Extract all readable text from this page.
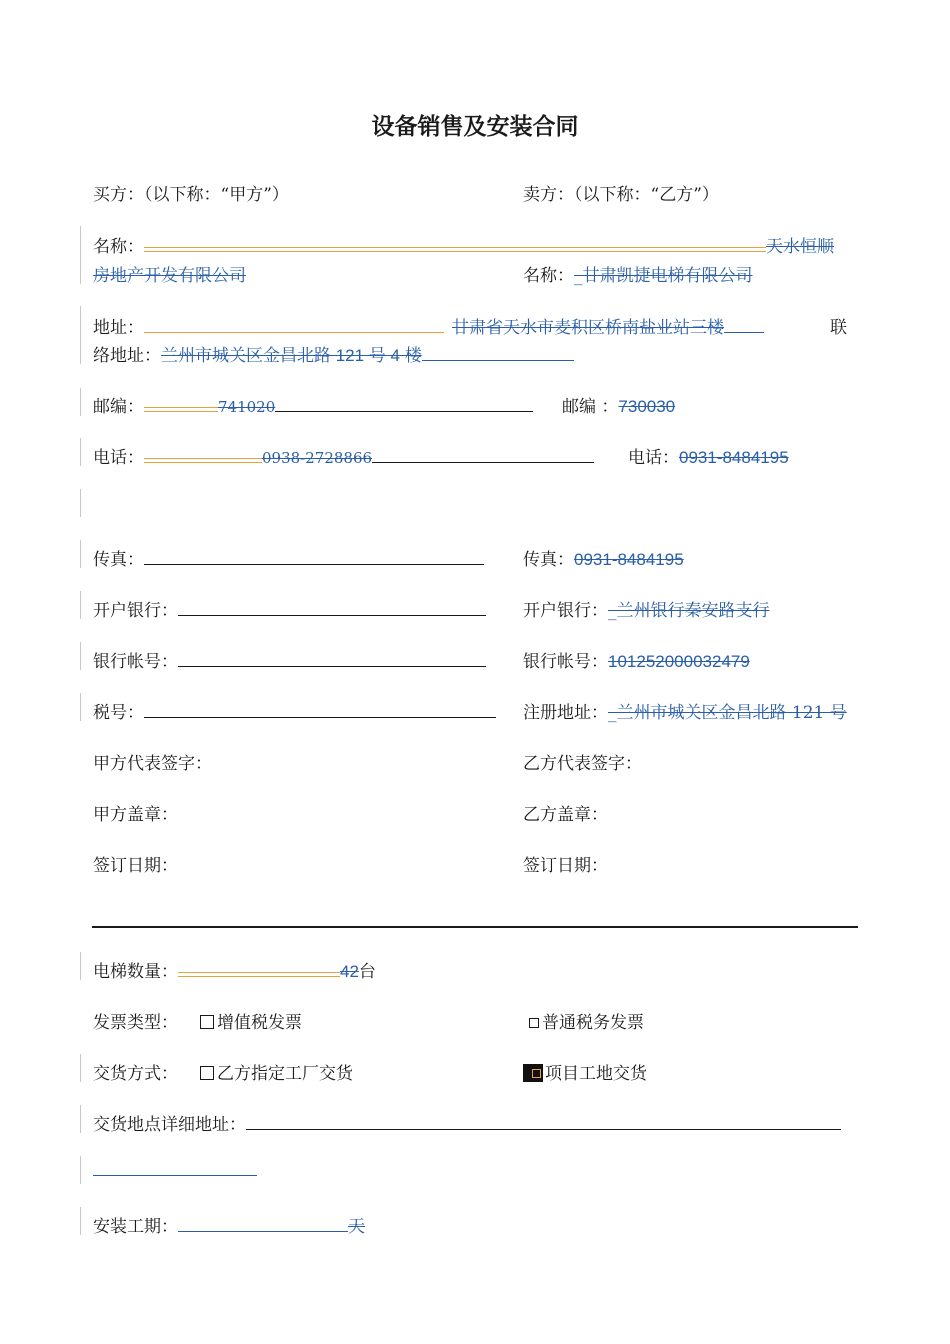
设备销售及安装合同
买方：（以下称：“甲方”）	卖方：（以下称：“乙方”）
名称：	天水恒顺
房地产开发有限公司	名称：_甘肃凯捷电梯有限公司
地址：	甘肃省天水市麦积区桥南盐业站三楼	联
络地址：兰州市城关区金昌北路 121 号 4 楼
邮编：	741020	邮编 ：730030
电话：	0938-2728866	电话：0931-8484195
传真：	传真：0931-8484195
开户银行：	开户银行：_兰州银行秦安路支行
银行帐号：	银行帐号：101252000032479
税号：	注册地址：_兰州市城关区金昌北路 121 号
甲方代表签字：	乙方代表签字：
甲方盖章：	乙方盖章：
签订日期：	签订日期：
电梯数量：	42台
发票类型：	增值税发票	普通税务发票
交货方式：	乙方指定工厂交货	项目工地交货
交货地点详细地址：
安装工期：	天
